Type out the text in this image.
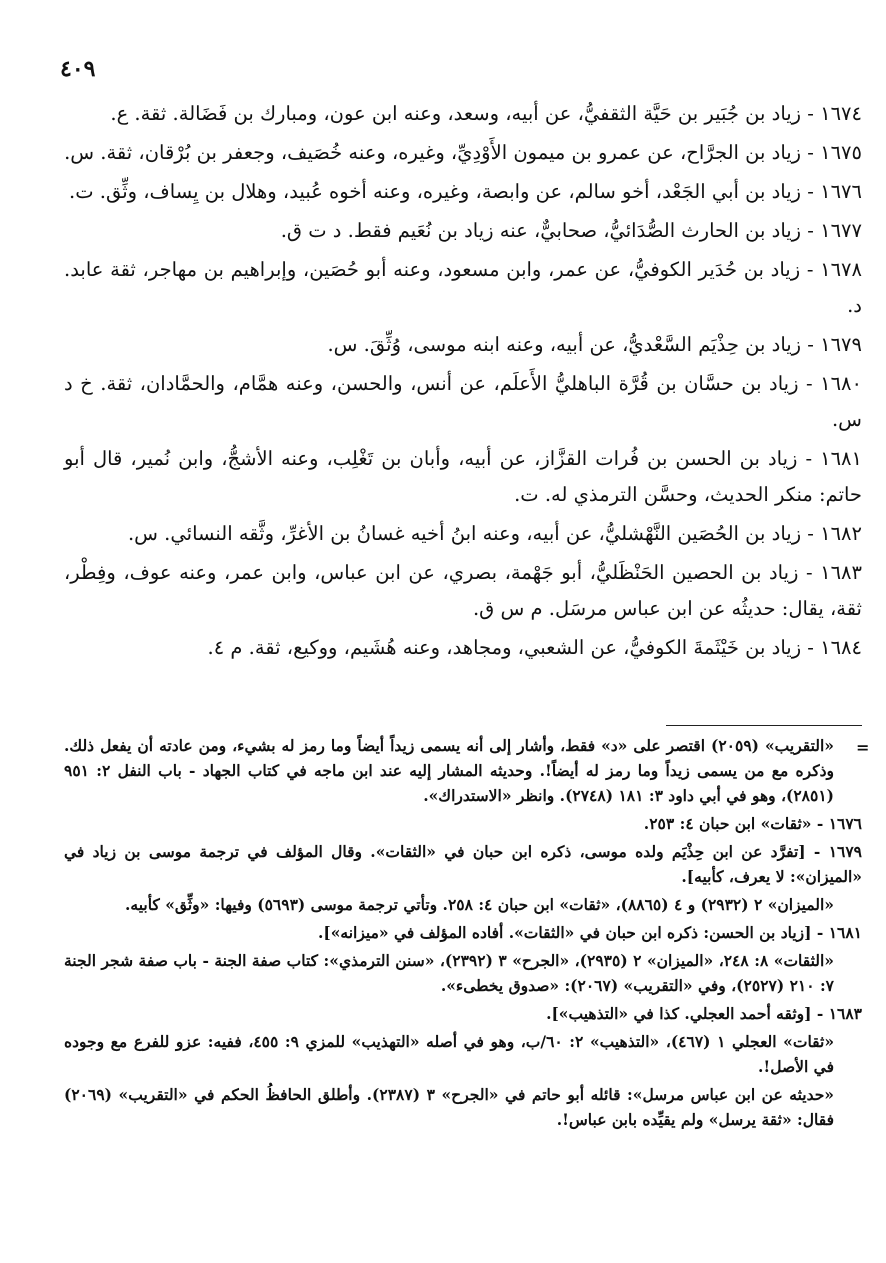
٤٠٩

١٦٧٤ - زياد بن جُبَير بن حَيَّة الثقفيُّ، عن أبيه، وسعد، وعنه ابن عون، ومبارك بن فَضَالة. ثقة. ع.

١٦٧٥ - زياد بن الجرَّاح، عن عمرو بن ميمون الأَوْدِيِّ، وغيره، وعنه خُصَيف، وجعفر بن بُرْقان، ثقة. س.

١٦٧٦ - زياد بن أبي الجَعْد، أخو سالم، عن وابصة، وغيره، وعنه أخوه عُبيد، وهلال بن يِساف، وثِّق. ت.

١٦٧٧ - زياد بن الحارث الصُّدَائيُّ، صحابيٌّ، عنه زياد بن نُعَيم فقط. د ت ق.

١٦٧٨ - زياد بن حُدَير الكوفيُّ، عن عمر، وابن مسعود، وعنه أبو حُصَين، وإبراهيم بن مهاجر، ثقة عابد. د.

١٦٧٩ - زياد بن حِذْيَم السَّعْديُّ، عن أبيه، وعنه ابنه موسى، وُثِّقَ. س.

١٦٨٠ - زياد بن حسَّان بن قُرَّة الباهليُّ الأَعلَم، عن أنس، والحسن، وعنه همَّام، والحمَّادان، ثقة. خ د س.

١٦٨١ - زياد بن الحسن بن فُرات القزَّاز، عن أبيه، وأبان بن تَغْلِب، وعنه الأشجُّ، وابن نُمير، قال أبو حاتم: منكر الحديث، وحسَّن الترمذي له. ت.

١٦٨٢ - زياد بن الحُصَين النَّهْشليُّ، عن أبيه، وعنه ابنُ أخيه غسانُ بن الأغرِّ، وثَّقه النسائي. س.

١٦٨٣ - زياد بن الحصين الحَنْظَليُّ، أبو جَهْمة، بصري، عن ابن عباس، وابن عمر، وعنه عوف، وفِطْر، ثقة، يقال: حديثُه عن ابن عباس مرسَل. م س ق.

١٦٨٤ - زياد بن خَيْثَمةَ الكوفيُّ، عن الشعبي، ومجاهد، وعنه هُشَيم، ووكيع، ثقة. م ٤.

=

«التقريب» (٢٠٥٩) اقتصر على «د» فقط، وأشار إلى أنه يسمى زيداً أيضاً وما رمز له بشيء، ومن عادته أن يفعل ذلك. وذكره مع من يسمى زيداً وما رمز له أيضاً!. وحديثه المشار إليه عند ابن ماجه في كتاب الجهاد - باب النفل ٢: ٩٥١ (٢٨٥١)، وهو في أبي داود ٣: ١٨١ (٢٧٤٨). وانظر «الاستدراك».

١٦٧٦ - «ثقات» ابن حبان ٤: ٢٥٣.

١٦٧٩ - [تفرَّد عن ابن حِذْيَم ولده موسى، ذكره ابن حبان في «الثقات». وقال المؤلف في ترجمة موسى بن زياد في «الميزان»: لا يعرف، كأبيه].

«الميزان» ٢ (٢٩٣٢) و ٤ (٨٨٦٥)، «ثقات» ابن حبان ٤: ٢٥٨. وتأتي ترجمة موسى (٥٦٩٣) وفيها: «وثِّق» كأبيه.

١٦٨١ - [زياد بن الحسن: ذكره ابن حبان في «الثقات». أفاده المؤلف في «ميزانه»].

«الثقات» ٨: ٢٤٨، «الميزان» ٢ (٢٩٣٥)، «الجرح» ٣ (٢٣٩٢)، «سنن الترمذي»: كتاب صفة الجنة - باب صفة شجر الجنة ٧: ٢١٠ (٢٥٢٧)، وفي «التقريب» (٢٠٦٧): «صدوق يخطىء».

١٦٨٣ - [وثقه أحمد العجلي. كذا في «التذهيب»].

«ثقات» العجلي ١ (٤٦٧)، «التذهيب» ٢: ٦٠/ب، وهو في أصله «التهذيب» للمزي ٩: ٤٥٥، ففيه: عزو للفرع مع وجوده في الأصل!.

«حديثه عن ابن عباس مرسل»: قائله أبو حاتم في «الجرح» ٣ (٢٣٨٧). وأطلق الحافظُ الحكم في «التقريب» (٢٠٦٩) فقال: «ثقة يرسل» ولم يقيِّده بابن عباس!.
